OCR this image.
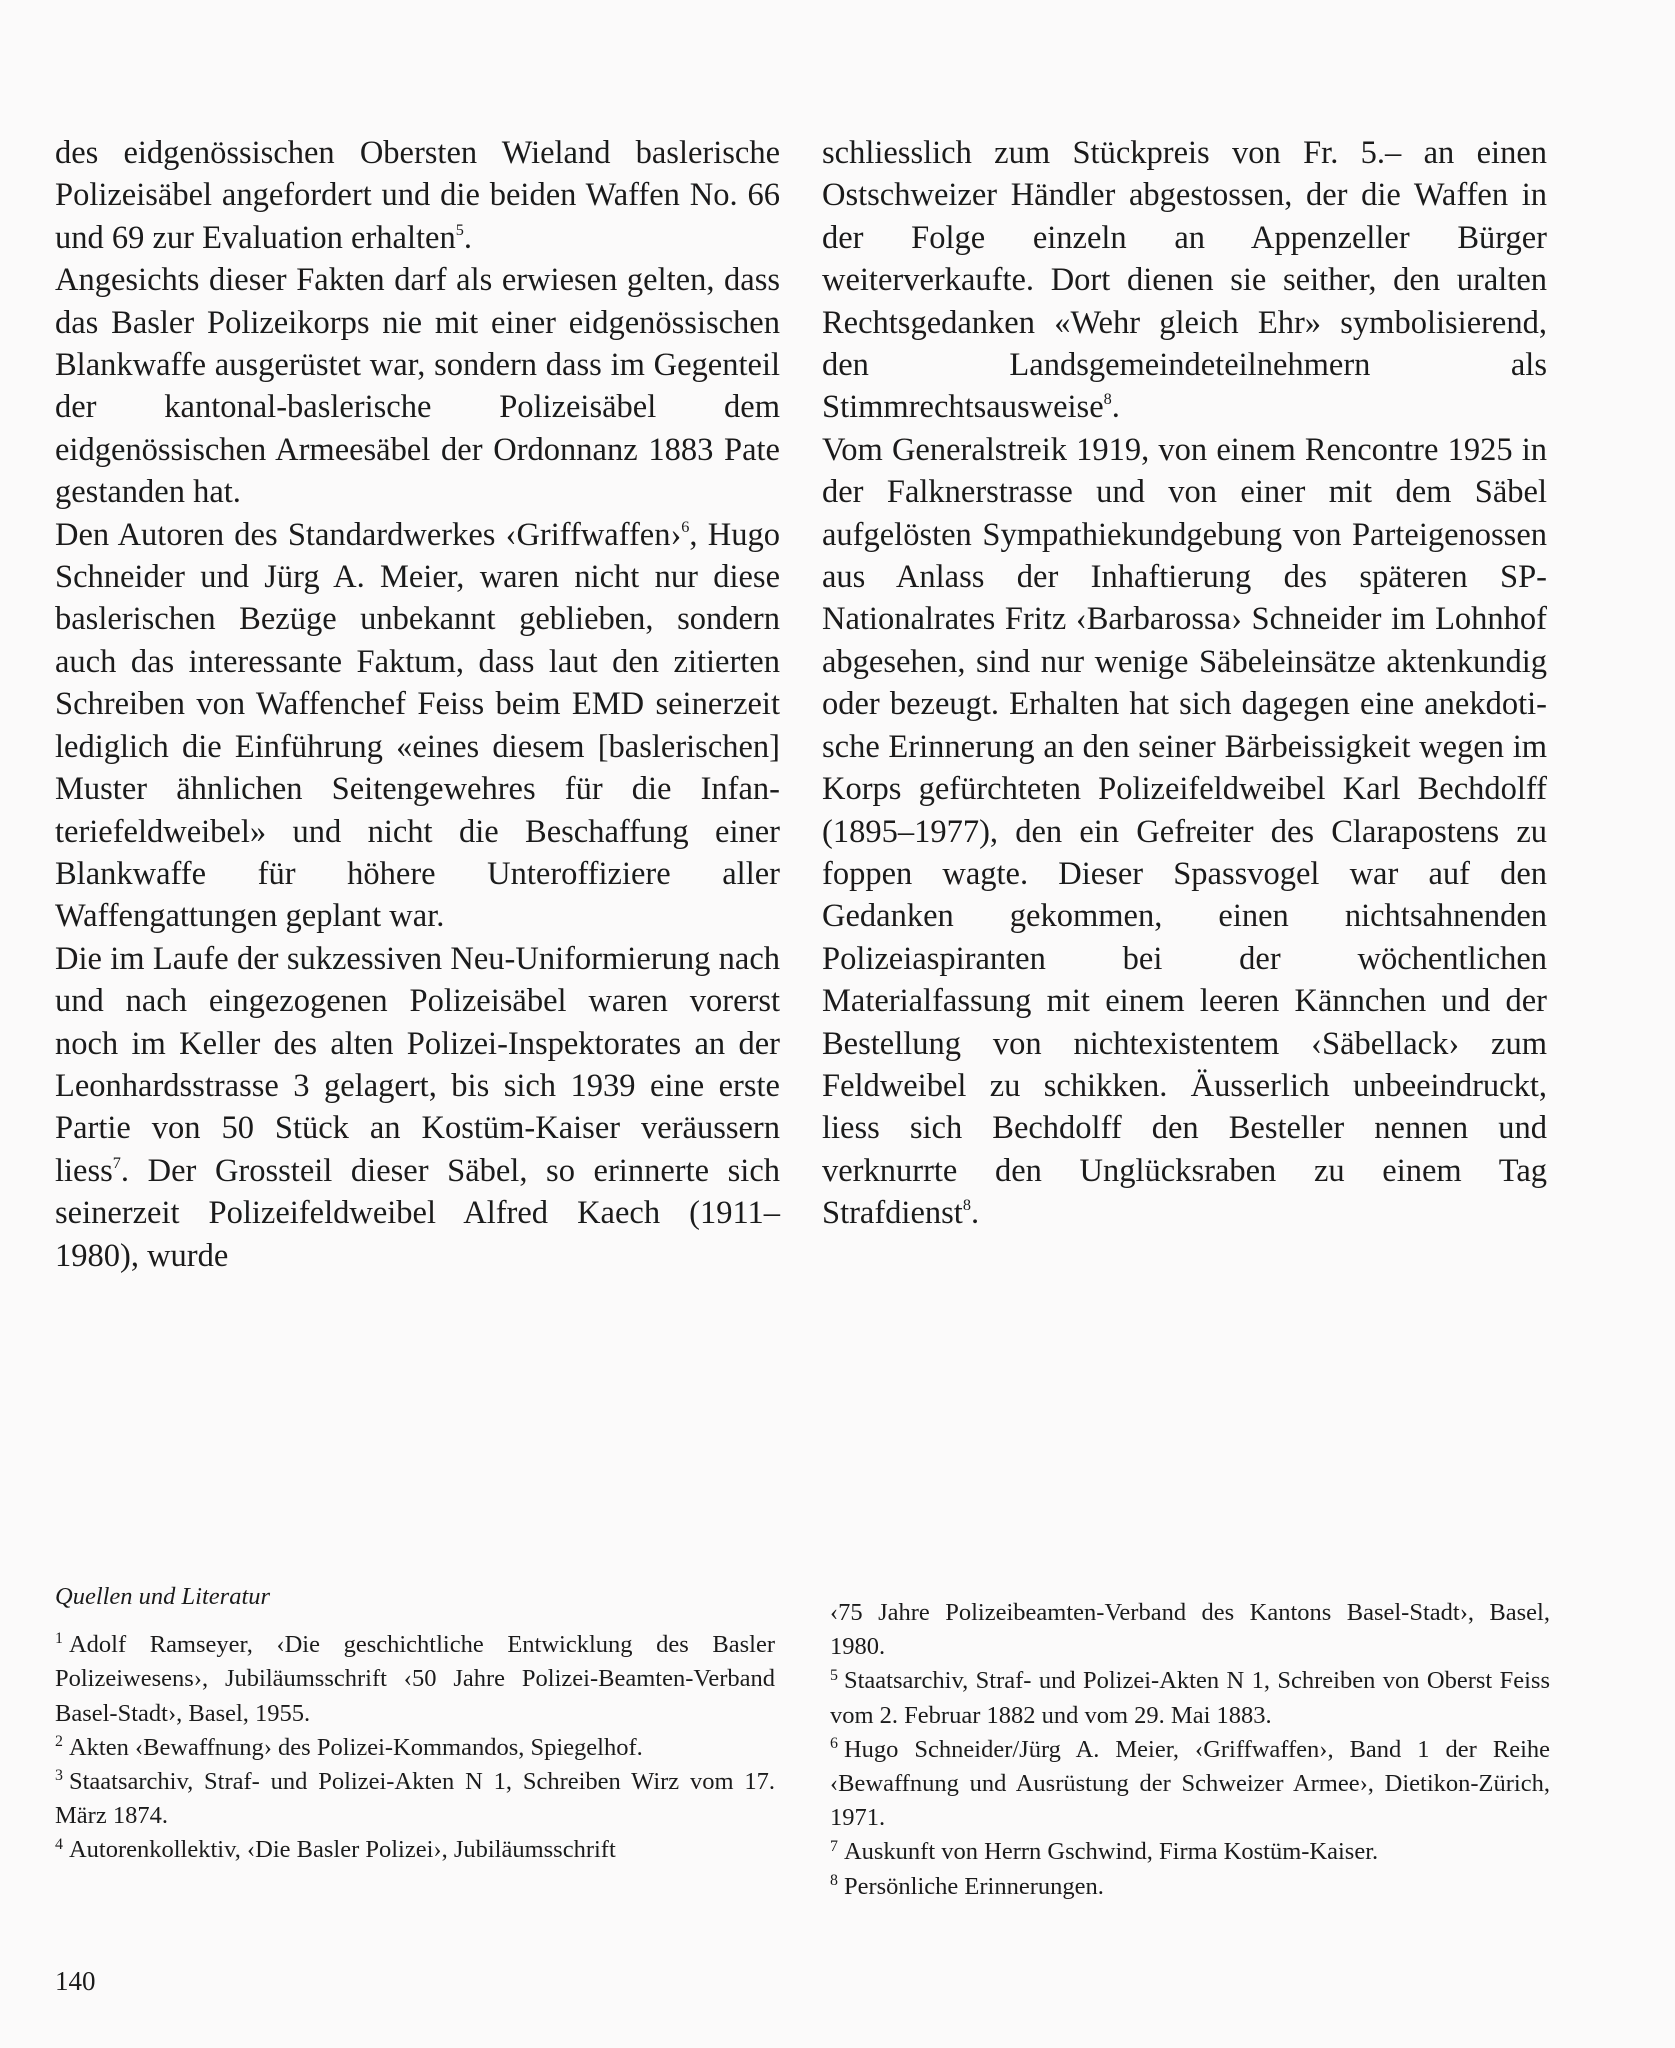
des eidgenössischen Obersten Wieland baslerische Polizeisäbel angefordert und die beiden Waffen No. 66 und 69 zur Evaluation erhalten$^5$.

Angesichts dieser Fakten darf als erwiesen gelten, dass das Basler Polizeikorps nie mit einer eidgenössischen Blankwaffe ausgerüstet war, sondern dass im Gegenteil der kantonal-baslerische Polizeisäbel dem eidgenössischen Armeesäbel der Ordonnanz 1883 Pate gestanden hat.

Den Autoren des Standardwerkes ‹Griffwaffen›$^6$, Hugo Schneider und Jürg A. Meier, waren nicht nur diese baslerischen Bezüge unbekannt geblieben, sondern auch das interessante Faktum, dass laut den zitierten Schreiben von Waffenchef Feiss beim EMD seinerzeit lediglich die Einführung «eines diesem [baslerischen] Muster ähnlichen Seitengewehres für die Infanteriefeldweibel» und nicht die Beschaffung einer Blankwaffe für höhere Unteroffiziere aller Waffengattungen geplant war.

Die im Laufe der sukzessiven Neu-Uniformierung nach und nach eingezogenen Polizeisäbel waren vorerst noch im Keller des alten Polizei-Inspektorates an der Leonhardsstrasse 3 gelagert, bis sich 1939 eine erste Partie von 50 Stück an Kostüm-Kaiser veräussern liess$^7$. Der Grossteil dieser Säbel, so erinnerte sich seinerzeit Polizeifeldweibel Alfred Kaech (1911–1980), wurde

schliesslich zum Stückpreis von Fr. 5.– an einen Ostschweizer Händler abgestossen, der die Waffen in der Folge einzeln an Appenzeller Bürger weiterverkaufte. Dort dienen sie seither, den uralten Rechtsgedanken «Wehr gleich Ehr» symbolisierend, den Landsgemeindeteilnehmern als Stimmrechtsausweise$^8$.

Vom Generalstreik 1919, von einem Rencontre 1925 in der Falknerstrasse und von einer mit dem Säbel aufgelösten Sympathiekundgebung von Parteigenossen aus Anlass der Inhaftierung des späteren SP-Nationalrates Fritz ‹Barbarossa› Schneider im Lohnhof abgesehen, sind nur wenige Säbeleinsätze aktenkundig oder bezeugt. Erhalten hat sich dagegen eine anekdotische Erinnerung an den seiner Bärbeissigkeit wegen im Korps gefürchteten Polizeifeldweibel Karl Bechdolff (1895–1977), den ein Gefreiter des Clarapostens zu foppen wagte. Dieser Spassvogel war auf den Gedanken gekommen, einen nichtsahnenden Polizeiaspiranten bei der wöchentlichen Materialfassung mit einem leeren Kännchen und der Bestellung von nichtexistentem ‹Säbellack› zum Feldweibel zu schikken. Äusserlich unbeeindruckt, liess sich Bechdolff den Besteller nennen und verknurrte den Unglücksraben zu einem Tag Strafdienst$^8$.

Quellen und Literatur
$^1$ Adolf Ramseyer, ‹Die geschichtliche Entwicklung des Basler Polizeiwesens›, Jubiläumsschrift ‹50 Jahre Polizei-Beamten-Verband Basel-Stadt›, Basel, 1955.
$^2$ Akten ‹Bewaffnung› des Polizei-Kommandos, Spiegelhof.
$^3$ Staatsarchiv, Straf- und Polizei-Akten N 1, Schreiben Wirz vom 17. März 1874.
$^4$ Autorenkollektiv, ‹Die Basler Polizei›, Jubiläumsschrift
‹75 Jahre Polizeibeamten-Verband des Kantons Basel-Stadt›, Basel, 1980.
$^5$ Staatsarchiv, Straf- und Polizei-Akten N 1, Schreiben von Oberst Feiss vom 2. Februar 1882 und vom 29. Mai 1883.
$^6$ Hugo Schneider/Jürg A. Meier, ‹Griffwaffen›, Band 1 der Reihe ‹Bewaffnung und Ausrüstung der Schweizer Armee›, Dietikon-Zürich, 1971.
$^7$ Auskunft von Herrn Gschwind, Firma Kostüm-Kaiser.
$^8$ Persönliche Erinnerungen.
140
